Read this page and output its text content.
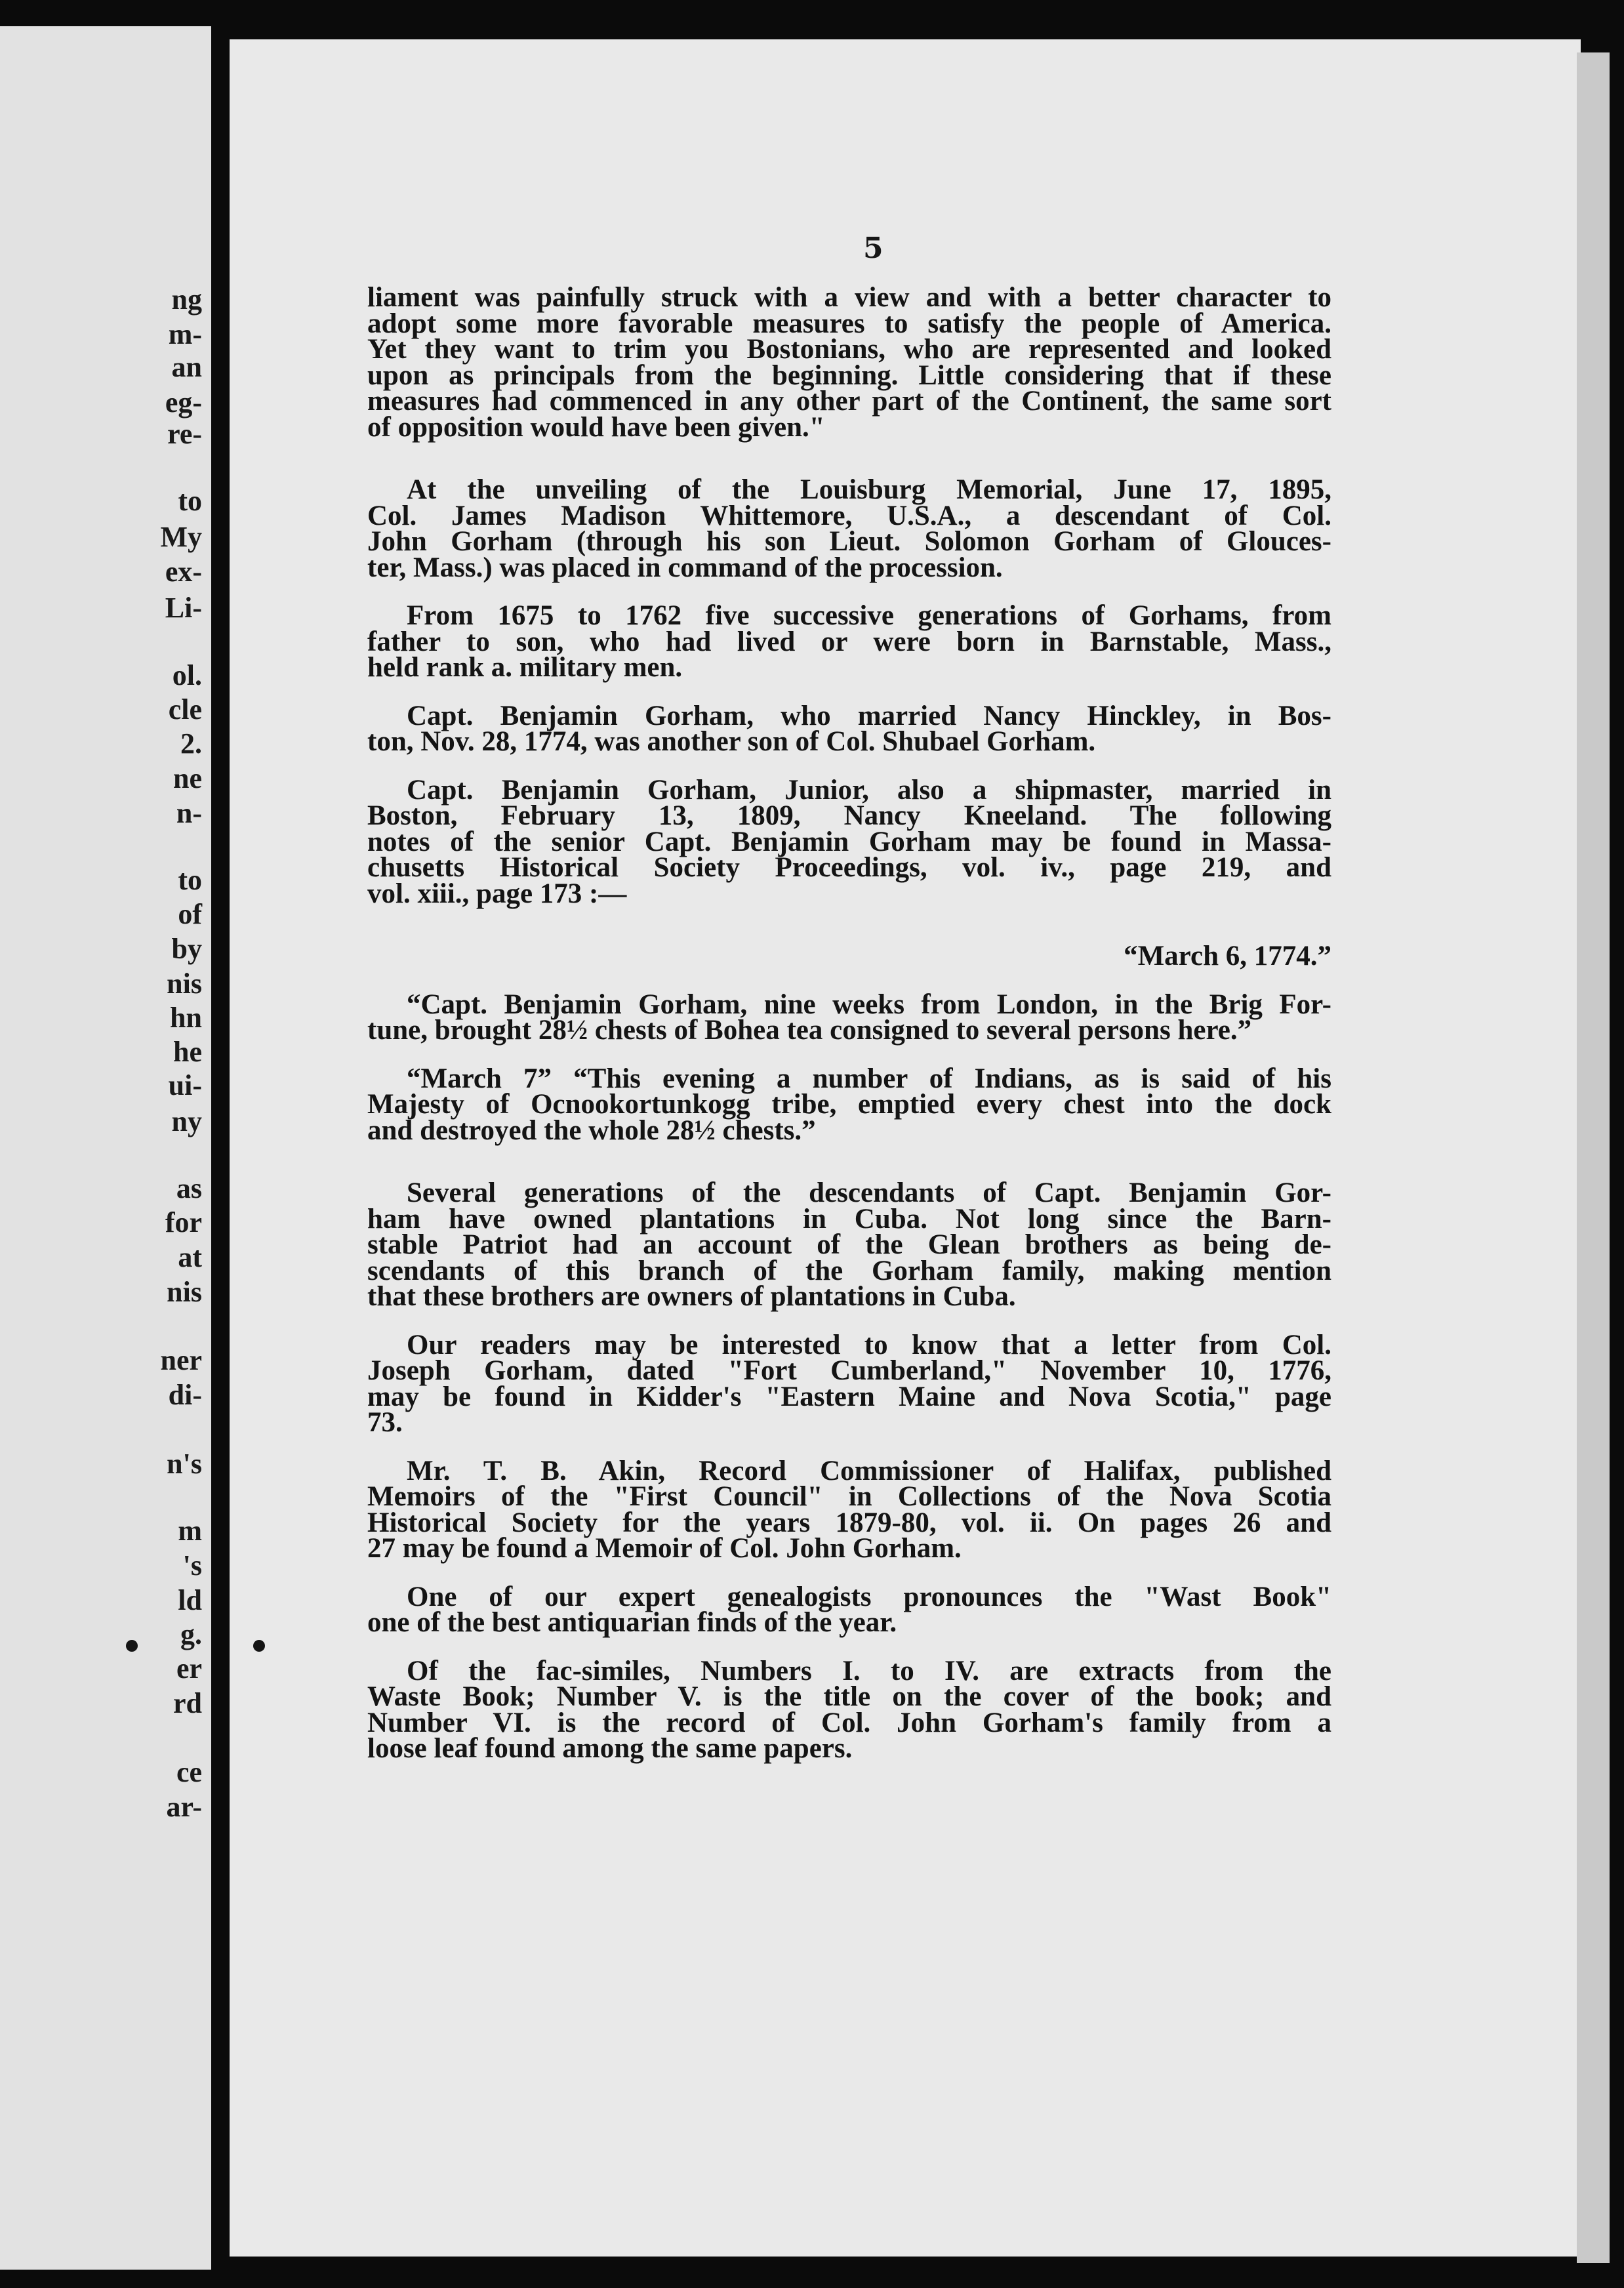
ng
m-
an
eg-
re-
to
My
ex-
Li-
ol.
cle
2.
ne
n-
to
of
by
nis
hn
he
ui-
ny
as
for
at
nis
ner
di-
n's
m
's
ld
g.
er
rd
ce
ar-
5
liament was painfully struck with a view and with a better character to
adopt some more favorable measures to satisfy the people of America.
Yet they want to trim you Bostonians, who are represented and looked
upon as principals from the beginning. Little considering that if these
measures had commenced in any other part of the Continent, the same sort
of opposition would have been given."
At the unveiling of the Louisburg Memorial, June 17, 1895,
Col. James Madison Whittemore, U.S.A., a descendant of Col.
John Gorham (through his son Lieut. Solomon Gorham of Glouces-
ter, Mass.) was placed in command of the procession.
From 1675 to 1762 five successive generations of Gorhams, from
father to son, who had lived or were born in Barnstable, Mass.,
held rank a. military men.
Capt. Benjamin Gorham, who married Nancy Hinckley, in Bos-
ton, Nov. 28, 1774, was another son of Col. Shubael Gorham.
Capt. Benjamin Gorham, Junior, also a shipmaster, married in
Boston, February 13, 1809, Nancy Kneeland. The following
notes of the senior Capt. Benjamin Gorham may be found in Massa-
chusetts Historical Society Proceedings, vol. iv., page 219, and
vol. xiii., page 173 :—
“March 6, 1774.”
“Capt. Benjamin Gorham, nine weeks from London, in the Brig For-
tune, brought 28½ chests of Bohea tea consigned to several persons here.”
“March 7” “This evening a number of Indians, as is said of his
Majesty of Ocnookortunkogg tribe, emptied every chest into the dock
and destroyed the whole 28½ chests.”
Several generations of the descendants of Capt. Benjamin Gor-
ham have owned plantations in Cuba. Not long since the Barn-
stable Patriot had an account of the Glean brothers as being de-
scendants of this branch of the Gorham family, making mention
that these brothers are owners of plantations in Cuba.
Our readers may be interested to know that a letter from Col.
Joseph Gorham, dated "Fort Cumberland," November 10, 1776,
may be found in Kidder's "Eastern Maine and Nova Scotia," page
73.
Mr. T. B. Akin, Record Commissioner of Halifax, published
Memoirs of the "First Council" in Collections of the Nova Scotia
Historical Society for the years 1879-80, vol. ii. On pages 26 and
27 may be found a Memoir of Col. John Gorham.
One of our expert genealogists pronounces the "Wast Book"
one of the best antiquarian finds of the year.
Of the fac-similes, Numbers I. to IV. are extracts from the
Waste Book; Number V. is the title on the cover of the book; and
Number VI. is the record of Col. John Gorham's family from a
loose leaf found among the same papers.
